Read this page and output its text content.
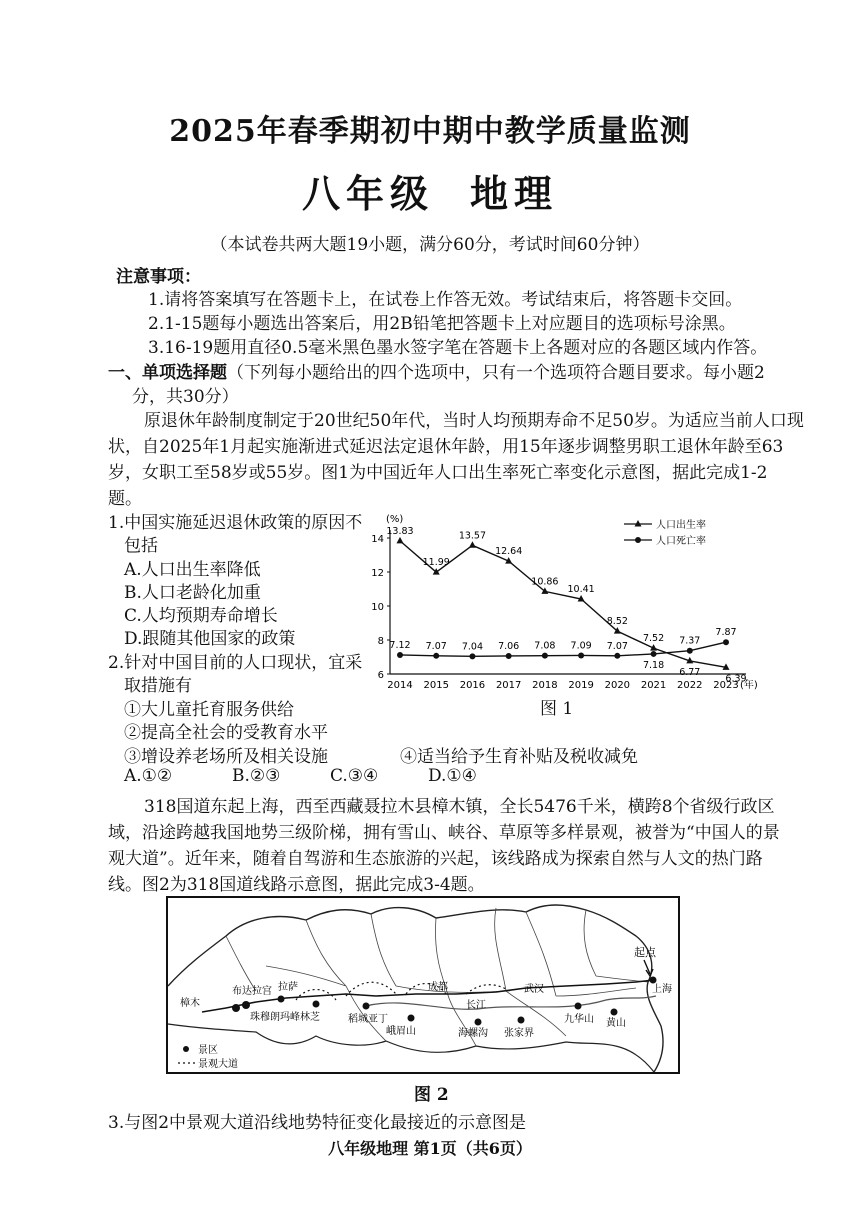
2025年春季期初中期中教学质量监测
八年级 地理
（本试卷共两大题19小题，满分60分，考试时间60分钟）
注意事项：
1.请将答案填写在答题卡上，在试卷上作答无效。考试结束后，将答题卡交回。
2.1-15题每小题选出答案后，用2B铅笔把答题卡上对应题目的选项标号涂黑。
3.16-19题用直径0.5毫米黑色墨水签字笔在答题卡上各题对应的各题区域内作答。
一、单项选择题（下列每小题给出的四个选项中，只有一个选项符合题目要求。每小题2
分，共30分）
原退休年龄制度制定于20世纪50年代，当时人均预期寿命不足50岁。为适应当前人口现
状，自2025年1月起实施渐进式延迟法定退休年龄，用15年逐步调整男职工退休年龄至63
岁，女职工至58岁或55岁。图1为中国近年人口出生率死亡率变化示意图，据此完成1-2
题。
1.中国实施延迟退休政策的原因不
包括
A.人口出生率降低
B.人口老龄化加重
C.人均预期寿命增长
D.跟随其他国家的政策
2.针对中国目前的人口现状，宜采
取措施有
①大儿童托育服务供给
②提高全社会的受教育水平
③增设养老场所及相关设施	④适当给予生育补贴及税收减免
A.①②	B.②③	C.③④	D.①④
(%)
6
8
10
12
14
2014 2015 2016 2017 2018 2019 2020 2021 2022 2023 (年)
13.83
11.99
13.57
12.64
10.86
10.41
8.52
7.52
6.77
6.39
7.12 7.07 7.04 7.06 7.08 7.09 7.07
7.18
7.37
7.87
人口出生率
人口死亡率
图 1
318国道东起上海，西至西藏聂拉木县樟木镇，全长5476千米，横跨8个省级行政区
域，沿途跨越我国地势三级阶梯，拥有雪山、峡谷、草原等多样景观，被誉为“中国人的景
观大道”。近年来，随着自驾游和生态旅游的兴起，该线路成为探索自然与人文的热门路
线。图2为318国道线路示意图，据此完成3-4题。
起点
樟木
珠穆朗玛峰
布达拉宫
林芝
拉萨
稻城亚丁
成都
峨眉山
武汉
九华山
上海
黄山
张家界
长江
海螺沟
景区
景观大道
图 2
3.与图2中景观大道沿线地势特征变化最接近的示意图是
八年级地理 第1页（共6页）
